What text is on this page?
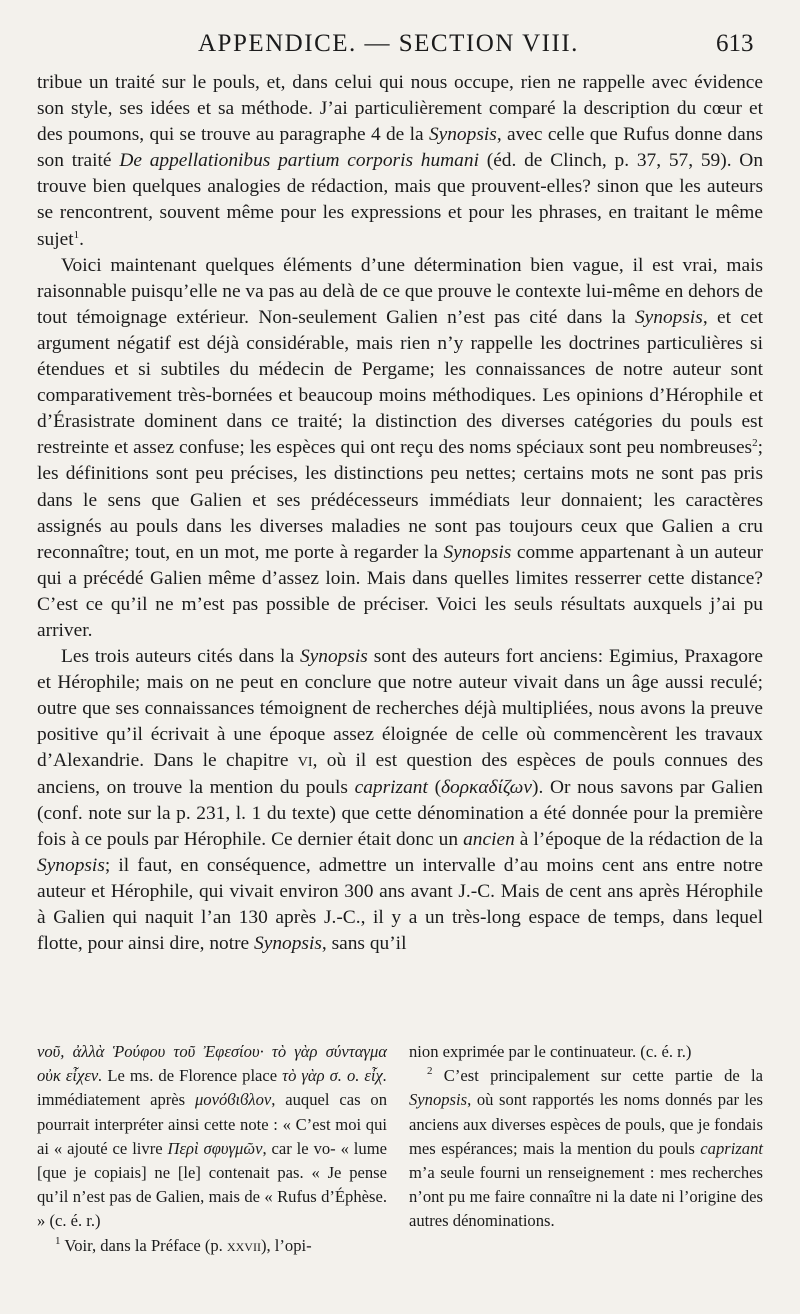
APPENDICE. — SECTION VIII.	613

tribue un traité sur le pouls, et, dans celui qui nous occupe, rien ne rappelle avec évidence son style, ses idées et sa méthode. J’ai particulièrement comparé la description du cœur et des poumons, qui se trouve au paragraphe 4 de la Synopsis, avec celle que Rufus donne dans son traité De appellationibus partium corporis humani (éd. de Clinch, p. 37, 57, 59). On trouve bien quelques analogies de rédaction, mais que prouvent-elles? sinon que les auteurs se rencontrent, souvent même pour les expressions et pour les phrases, en traitant le même sujet$^1$.

Voici maintenant quelques éléments d’une détermination bien vague, il est vrai, mais raisonnable puisqu’elle ne va pas au delà de ce que prouve le contexte lui-même en dehors de tout témoignage extérieur. Non-seulement Galien n’est pas cité dans la Synopsis, et cet argument négatif est déjà considérable, mais rien n’y rappelle les doctrines particulières si étendues et si subtiles du médecin de Pergame; les connaissances de notre auteur sont comparativement très-bornées et beaucoup moins méthodiques. Les opinions d’Hérophile et d’Érasistrate dominent dans ce traité; la distinction des diverses catégories du pouls est restreinte et assez confuse; les espèces qui ont reçu des noms spéciaux sont peu nombreuses$^2$; les définitions sont peu précises, les distinctions peu nettes; certains mots ne sont pas pris dans le sens que Galien et ses prédécesseurs immédiats leur donnaient; les caractères assignés au pouls dans les diverses maladies ne sont pas toujours ceux que Galien a cru reconnaître; tout, en un mot, me porte à regarder la Synopsis comme appartenant à un auteur qui a précédé Galien même d’assez loin. Mais dans quelles limites resserrer cette distance? C’est ce qu’il ne m’est pas possible de préciser. Voici les seuls résultats auxquels j’ai pu arriver.

Les trois auteurs cités dans la Synopsis sont des auteurs fort anciens: Egimius, Praxagore et Hérophile; mais on ne peut en conclure que notre auteur vivait dans un âge aussi reculé; outre que ses connaissances témoignent de recherches déjà multipliées, nous avons la preuve positive qu’il écrivait à une époque assez éloignée de celle où commencèrent les travaux d’Alexandrie. Dans le chapitre vi, où il est question des espèces de pouls connues des anciens, on trouve la mention du pouls caprizant (δορκαδίζων). Or nous savons par Galien (conf. note sur la p. 231, l. 1 du texte) que cette dénomination a été donnée pour la première fois à ce pouls par Hérophile. Ce dernier était donc un ancien à l’époque de la rédaction de la Synopsis; il faut, en conséquence, admettre un intervalle d’au moins cent ans entre notre auteur et Hérophile, qui vivait environ 300 ans avant J.-C. Mais de cent ans après Hérophile à Galien qui naquit l’an 130 après J.-C., il y a un très-long espace de temps, dans lequel flotte, pour ainsi dire, notre Synopsis, sans qu’il

νοῦ, ἀλλὰ Ῥούφου τοῦ Ἐφεσίου· τὸ γὰρ σύνταγμα οὐκ εἶχεν. Le ms. de Florence place τὸ γὰρ σ. ο. εἶχ. immédiatement après μονόϐιϐλον, auquel cas on pourrait interpréter ainsi cette note : « C’est moi qui ai « ajouté ce livre Περὶ σφυγμῶν, car le vo- « lume [que je copiais] ne [le] contenait pas. « Je pense qu’il n’est pas de Galien, mais de « Rufus d’Éphèse. » (c. é. r.)

$^1$ Voir, dans la Préface (p. xxvii), l’opi-

nion exprimée par le continuateur. (c. é. r.)

$^2$ C’est principalement sur cette partie de la Synopsis, où sont rapportés les noms donnés par les anciens aux diverses espèces de pouls, que je fondais mes espérances; mais la mention du pouls caprizant m’a seule fourni un renseignement : mes recherches n’ont pu me faire connaître ni la date ni l’origine des autres dénominations.
